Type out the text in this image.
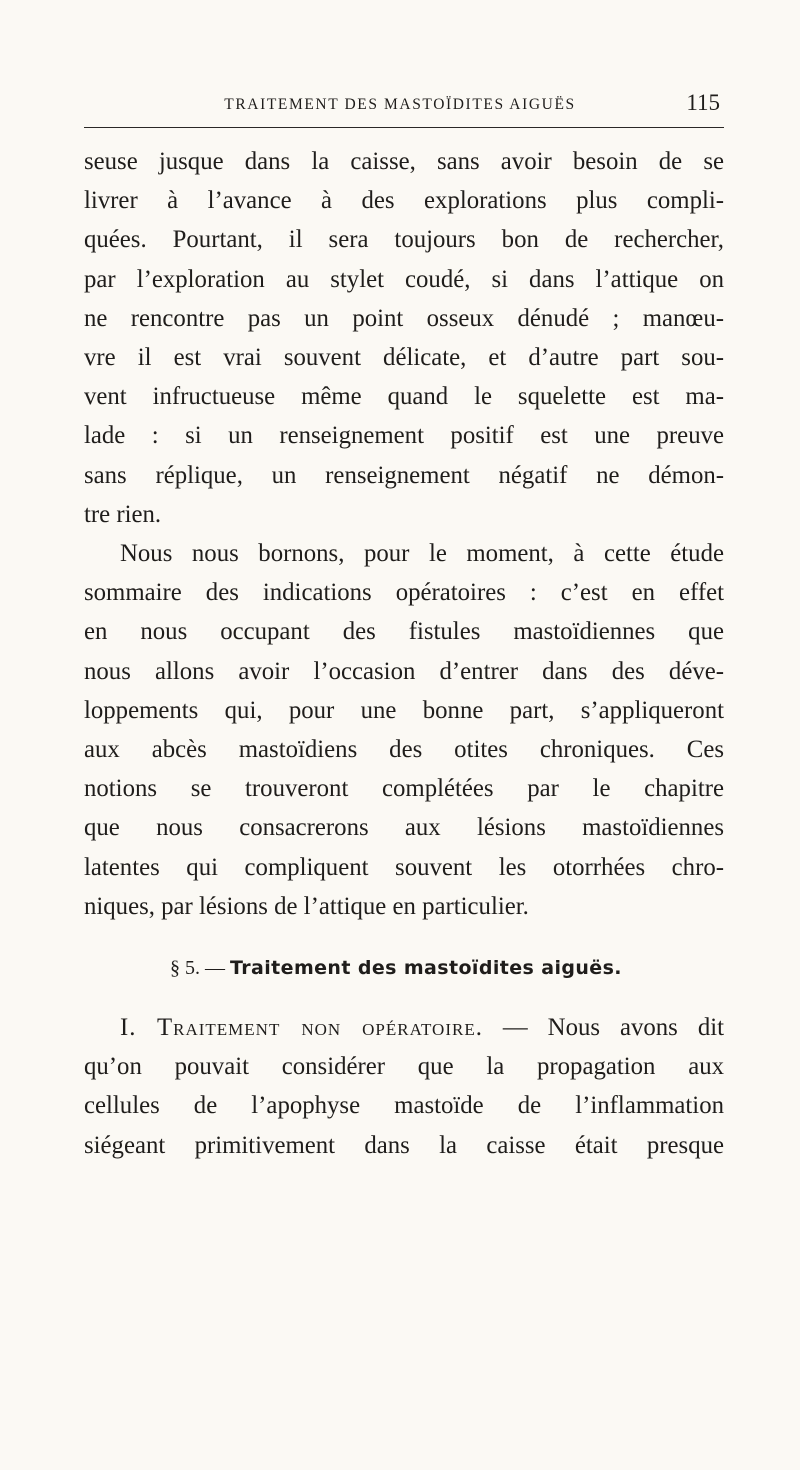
TRAITEMENT DES MASTOÏDITES AIGUËS	115
seuse jusque dans la caisse, sans avoir besoin de se
livrer à l’avance à des explorations plus compli-
quées. Pourtant, il sera toujours bon de rechercher,
par l’exploration au stylet coudé, si dans l’attique on
ne rencontre pas un point osseux dénudé ; manœu-
vre il est vrai souvent délicate, et d’autre part sou-
vent infructueuse même quand le squelette est ma-
lade : si un renseignement positif est une preuve
sans réplique, un renseignement négatif ne démon-
tre rien.
Nous nous bornons, pour le moment, à cette étude
sommaire des indications opératoires : c’est en effet
en nous occupant des fistules mastoïdiennes que
nous allons avoir l’occasion d’entrer dans des déve-
loppements qui, pour une bonne part, s’appliqueront
aux abcès mastoïdiens des otites chroniques. Ces
notions se trouveront complétées par le chapitre
que nous consacrerons aux lésions mastoïdiennes
latentes qui compliquent souvent les otorrhées chro-
niques, par lésions de l’attique en particulier.
§ 5. — Traitement des mastoïdites aiguës.
I. Traitement non opératoire. — Nous avons dit
qu’on pouvait considérer que la propagation aux
cellules de l’apophyse mastoïde de l’inflammation
siégeant primitivement dans la caisse était presque
